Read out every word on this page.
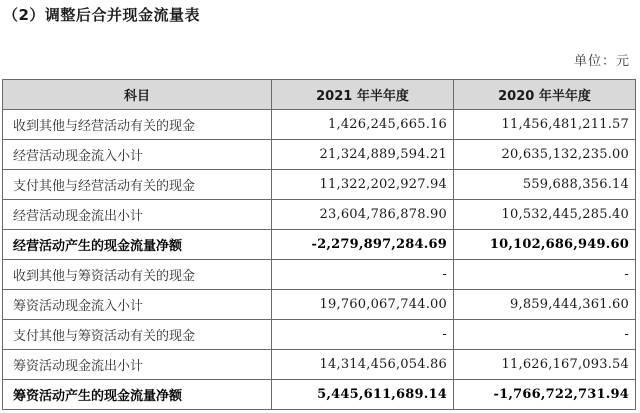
（2）调整后合并现金流量表
单位：元
科目	2021 年半年度	2020 年半年度
收到其他与经营活动有关的现金	1,426,245,665.16	11,456,481,211.57
经营活动现金流入小计	21,324,889,594.21	20,635,132,235.00
支付其他与经营活动有关的现金	11,322,202,927.94	559,688,356.14
经营活动现金流出小计	23,604,786,878.90	10,532,445,285.40
经营活动产生的现金流量净额	-2,279,897,284.69	10,102,686,949.60
收到其他与筹资活动有关的现金	-	-
筹资活动现金流入小计	19,760,067,744.00	9,859,444,361.60
支付其他与筹资活动有关的现金	-	-
筹资活动现金流出小计	14,314,456,054.86	11,626,167,093.54
筹资活动产生的现金流量净额	5,445,611,689.14	-1,766,722,731.94
